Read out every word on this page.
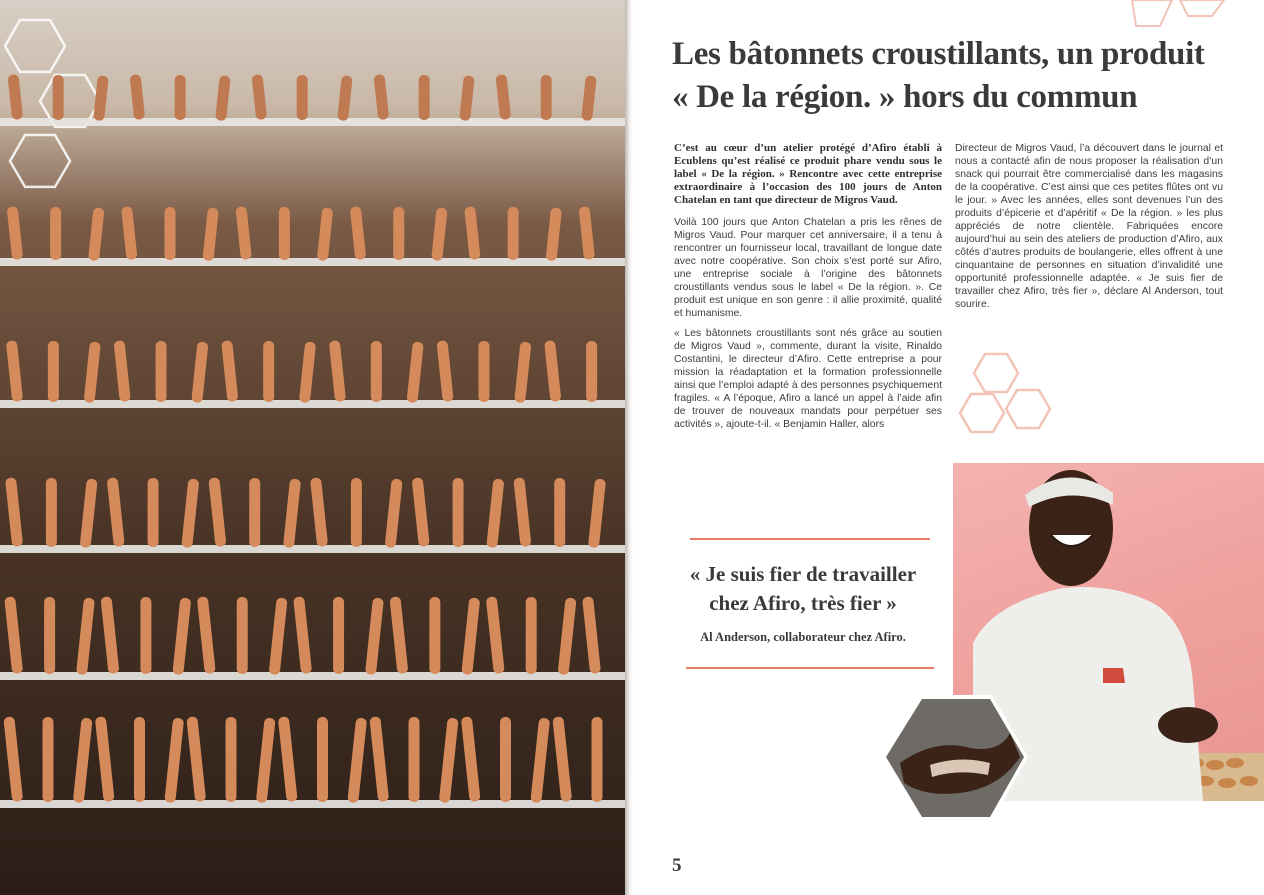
Les bâtonnets croustillants, un produit
« De la région. » hors du commun

C’est au cœur d’un atelier protégé d’Afiro établi à Ecublens qu’est réalisé ce produit phare vendu sous le label « De la région. » Rencontre avec cette entreprise extraordinaire à l’occasion des 100 jours de Anton Chatelan en tant que directeur de Migros Vaud.

Voilà 100 jours que Anton Chatelan a pris les rênes de Migros Vaud. Pour marquer cet anniversaire, il a tenu à rencontrer un fournisseur local, travaillant de longue date avec notre coopérative. Son choix s’est porté sur Afiro, une entreprise sociale à l’origine des bâtonnets croustillants vendus sous le label « De la région. ». Ce produit est unique en son genre : il allie proximité, qualité et humanisme.

« Les bâtonnets croustillants sont nés grâce au soutien de Migros Vaud », commente, durant la visite, Rinaldo Costantini, le directeur d’Afiro. Cette entreprise a pour mission la réadaptation et la formation professionnelle ainsi que l’emploi adapté à des personnes psychiquement fragiles. « A l’époque, Afiro a lancé un appel à l’aide afin de trouver de nouveaux mandats pour perpétuer ses activités », ajoute-t-il. « Benjamin Haller, alors

Directeur de Migros Vaud, l’a découvert dans le journal et nous a contacté afin de nous proposer la réalisation d’un snack qui pourrait être commercialisé dans les magasins de la coopérative. C’est ainsi que ces petites flûtes ont vu le jour. » Avec les années, elles sont devenues l’un des produits d’épicerie et d’apéritif « De la région. » les plus appréciés de notre clientèle. Fabriquées encore aujourd’hui au sein des ateliers de production d’Afiro, aux côtés d’autres produits de boulangerie, elles offrent à une cinquantaine de personnes en situation d’invalidité une opportunité professionnelle adaptée. « Je suis fier de travailler chez Afiro, très fier », déclare Al Anderson, tout sourire.

« Je suis fier de travailler
chez Afiro, très fier »

Al Anderson, collaborateur chez Afiro.

5
